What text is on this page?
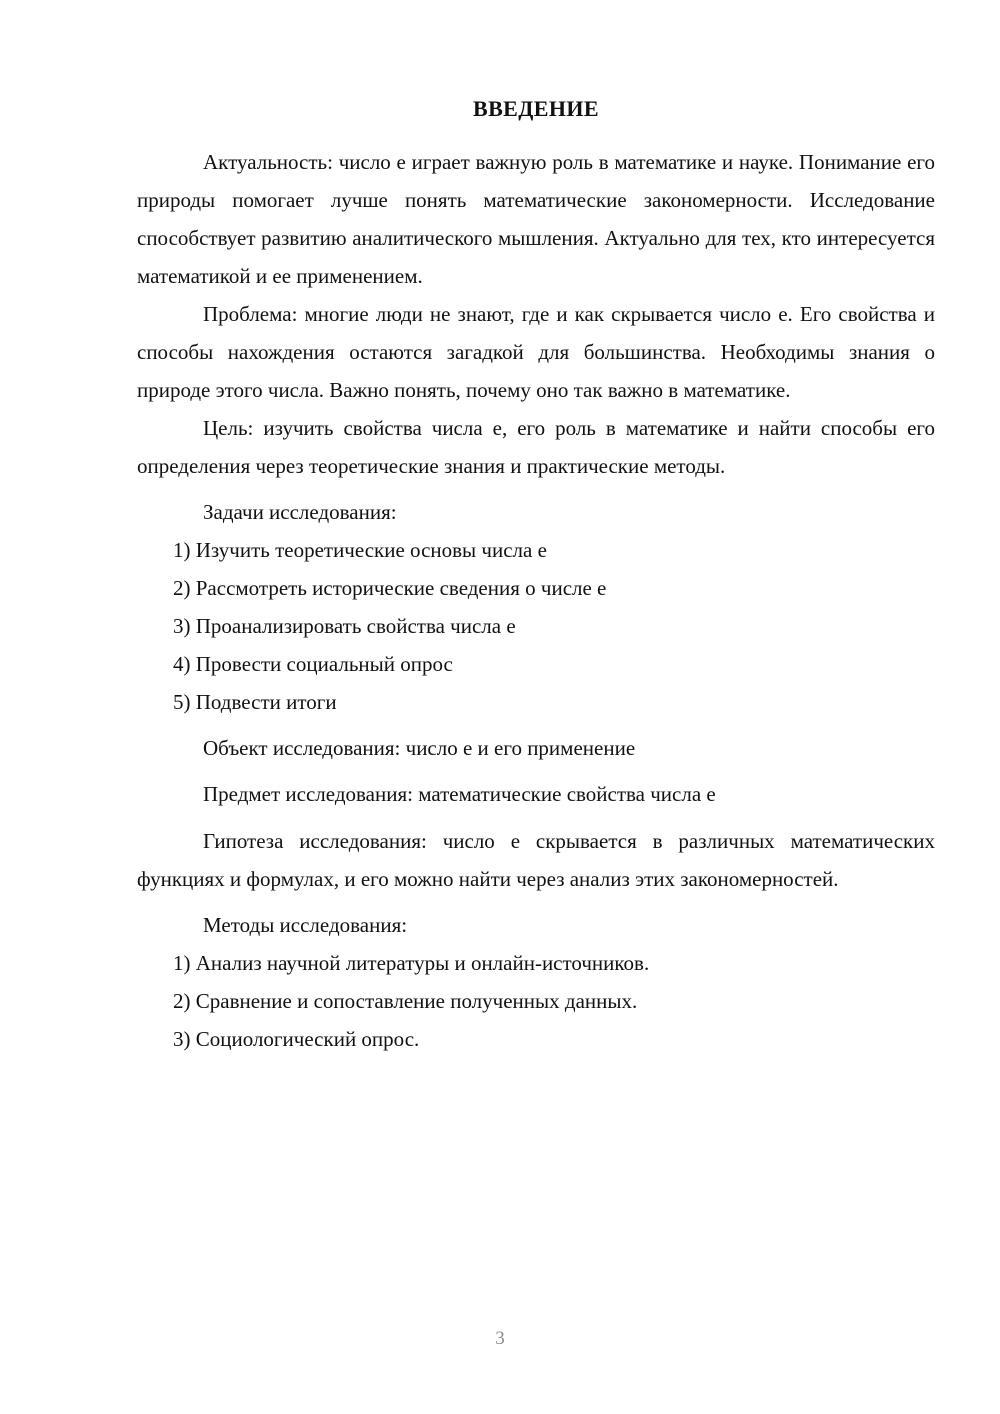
ВВЕДЕНИЕ

Актуальность: число е играет важную роль в математике и науке. Понимание его природы помогает лучше понять математические закономерности. Исследование способствует развитию аналитического мышления. Актуально для тех, кто интересуется математикой и ее применением.

Проблема: многие люди не знают, где и как скрывается число е. Его свойства и способы нахождения остаются загадкой для большинства. Необходимы знания о природе этого числа. Важно понять, почему оно так важно в математике.

Цель: изучить свойства числа е, его роль в математике и найти способы его определения через теоретические знания и практические методы.

Задачи исследования:

1) Изучить теоретические основы числа е
2) Рассмотреть исторические сведения о числе е
3) Проанализировать свойства числа е
4) Провести социальный опрос
5) Подвести итоги

Объект исследования: число е и его применение

Предмет исследования: математические свойства числа е

Гипотеза исследования: число е скрывается в различных математических функциях и формулах, и его можно найти через анализ этих закономерностей.

Методы исследования:

1) Анализ научной литературы и онлайн-источников.
2) Сравнение и сопоставление полученных данных.
3) Социологический опрос.
3
